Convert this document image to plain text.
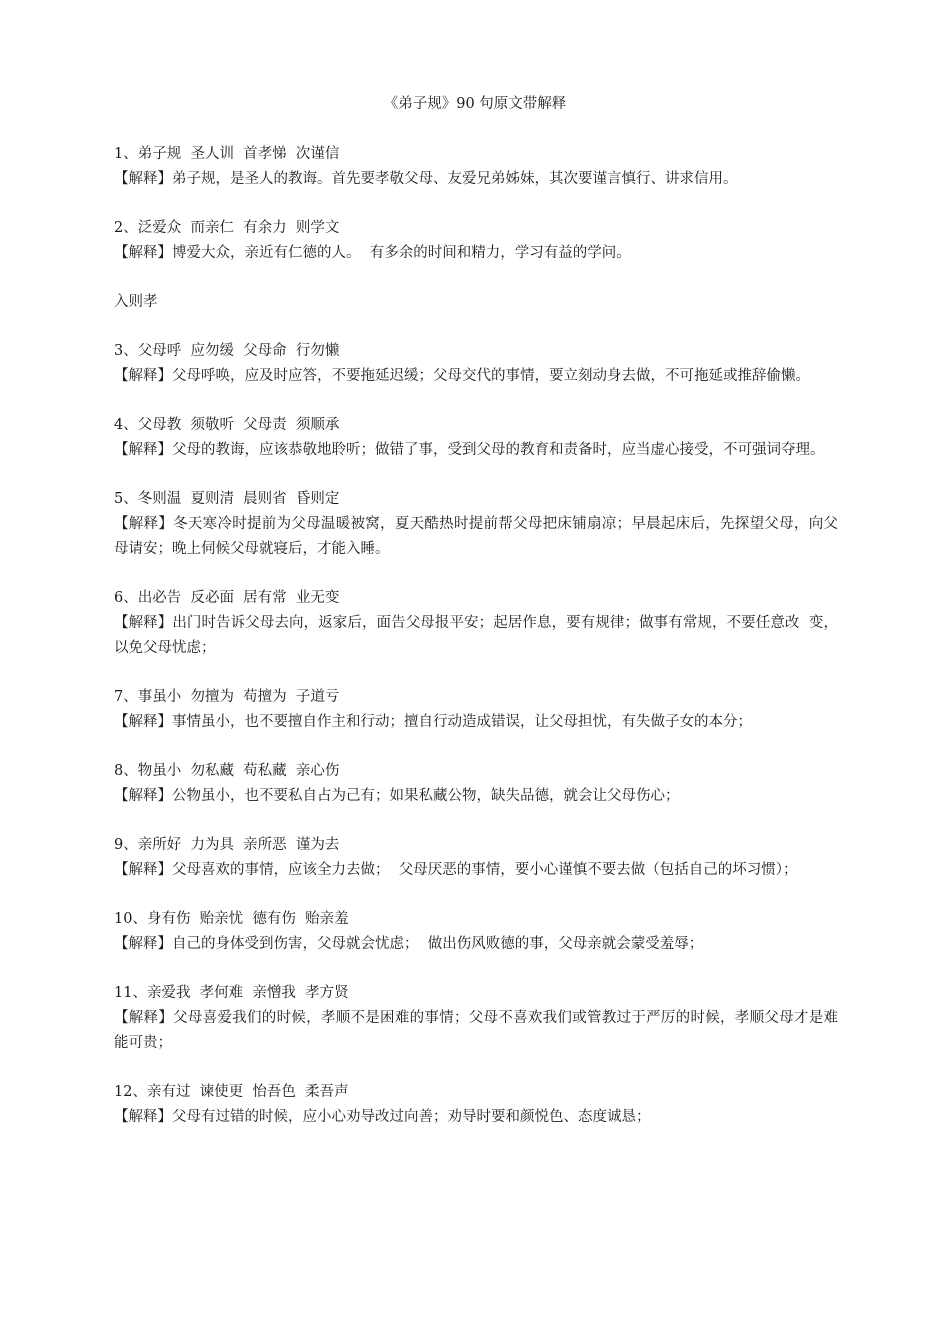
《弟子规》90 句原文带解释
1、弟子规  圣人训  首孝悌  次谨信
【解释】弟子规，是圣人的教诲。首先要孝敬父母、友爱兄弟姊妹，其次要谨言慎行、讲求信用。
2、泛爱众  而亲仁  有余力  则学文
【解释】博爱大众，亲近有仁德的人。  有多余的时间和精力，学习有益的学问。
入则孝
3、父母呼  应勿缓  父母命  行勿懒
【解释】父母呼唤，应及时应答，不要拖延迟缓；父母交代的事情，要立刻动身去做，不可拖延或推辞偷懒。
4、父母教  须敬听  父母责  须顺承
【解释】父母的教诲，应该恭敬地聆听；做错了事，受到父母的教育和责备时，应当虚心接受，不可强词夺理。
5、冬则温  夏则清  晨则省  昏则定
【解释】冬天寒冷时提前为父母温暖被窝，夏天酷热时提前帮父母把床铺扇凉；早晨起床后，先探望父母，向父母请安；晚上伺候父母就寝后，才能入睡。
6、出必告  反必面  居有常  业无变
【解释】出门时告诉父母去向，返家后，面告父母报平安；起居作息，要有规律；做事有常规，不要任意改  变，以免父母忧虑；
7、事虽小  勿擅为  苟擅为  子道亏
【解释】事情虽小，也不要擅自作主和行动；擅自行动造成错误，让父母担忧，有失做子女的本分；
8、物虽小  勿私藏  苟私藏  亲心伤
【解释】公物虽小，也不要私自占为己有；如果私藏公物，缺失品德，就会让父母伤心；
9、亲所好  力为具  亲所恶  谨为去
【解释】父母喜欢的事情，应该全力去做；  父母厌恶的事情，要小心谨慎不要去做（包括自己的坏习惯）；
10、身有伤  贻亲忧  德有伤  贻亲羞
【解释】自己的身体受到伤害，父母就会忧虑；  做出伤风败德的事，父母亲就会蒙受羞辱；
11、亲爱我  孝何难  亲憎我  孝方贤
【解释】父母喜爱我们的时候，孝顺不是困难的事情；父母不喜欢我们或管教过于严厉的时候，孝顺父母才是难能可贵；
12、亲有过  谏使更  怡吾色  柔吾声
【解释】父母有过错的时候，应小心劝导改过向善；劝导时要和颜悦色、态度诚恳；
